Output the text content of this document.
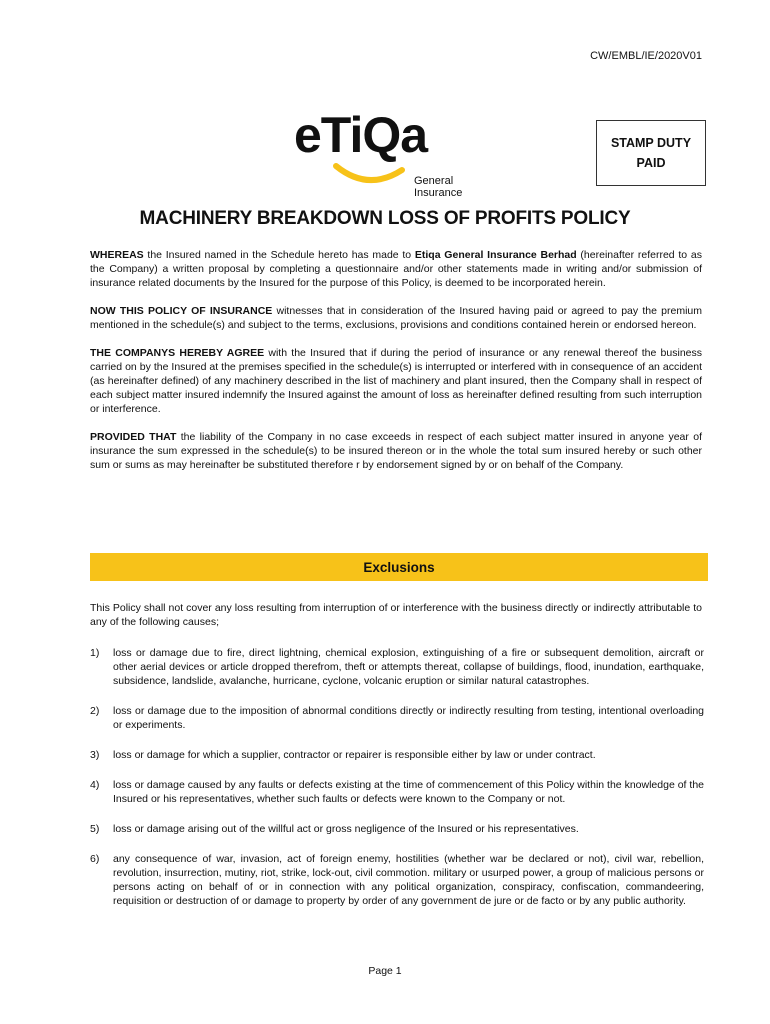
CW/EMBL/IE/2020V01
eTiQa
General Insurance
STAMP DUTY
PAID
MACHINERY BREAKDOWN LOSS OF PROFITS POLICY

WHEREAS the Insured named in the Schedule hereto has made to Etiqa General Insurance Berhad (hereinafter referred to as the Company) a written proposal by completing a questionnaire and/or other statements made in writing and/or submission of insurance related documents by the Insured for the purpose of this Policy, is deemed to be incorporated herein.

NOW THIS POLICY OF INSURANCE witnesses that in consideration of the Insured having paid or agreed to pay the premium mentioned in the schedule(s) and subject to the terms, exclusions, provisions and conditions contained herein or endorsed hereon.

THE COMPANYS HEREBY AGREE with the Insured that if during the period of insurance or any renewal thereof the business carried on by the Insured at the premises specified in the schedule(s) is interrupted or interfered with in consequence of an accident (as hereinafter defined) of any machinery described in the list of machinery and plant insured, then the Company shall in respect of each subject matter insured indemnify the Insured against the amount of loss as hereinafter defined resulting from such interruption or interference.

PROVIDED THAT the liability of the Company in no case exceeds in respect of each subject matter insured in anyone year of insurance the sum expressed in the schedule(s) to be insured thereon or in the whole the total sum insured hereby or such other sum or sums as may hereinafter be substituted therefore r by endorsement signed by or on behalf of the Company.

Exclusions

This Policy shall not cover any loss resulting from interruption of or interference with the business directly or indirectly attributable to any of the following causes;

1)	loss or damage due to fire, direct lightning, chemical explosion, extinguishing of a fire or subsequent demolition, aircraft or other aerial devices or article dropped therefrom, theft or attempts thereat, collapse of buildings, flood, inundation, earthquake, subsidence, landslide, avalanche, hurricane, cyclone, volcanic eruption or similar natural catastrophes.
2)	loss or damage due to the imposition of abnormal conditions directly or indirectly resulting from testing, intentional overloading or experiments.
3)	loss or damage for which a supplier, contractor or repairer is responsible either by law or under contract.
4)	loss or damage caused by any faults or defects existing at the time of commencement of this Policy within the knowledge of the Insured or his representatives, whether such faults or defects were known to the Company or not.
5)	loss or damage arising out of the willful act or gross negligence of the Insured or his representatives.
6)	any consequence of war, invasion, act of foreign enemy, hostilities (whether war be declared or not), civil war, rebellion, revolution, insurrection, mutiny, riot, strike, lock-out, civil commotion. military or usurped power, a group of malicious persons or persons acting on behalf of or in connection with any political organization, conspiracy, confiscation, commandeering, requisition or destruction of or damage to property by order of any government de jure or de facto or by any public authority.
Page 1
